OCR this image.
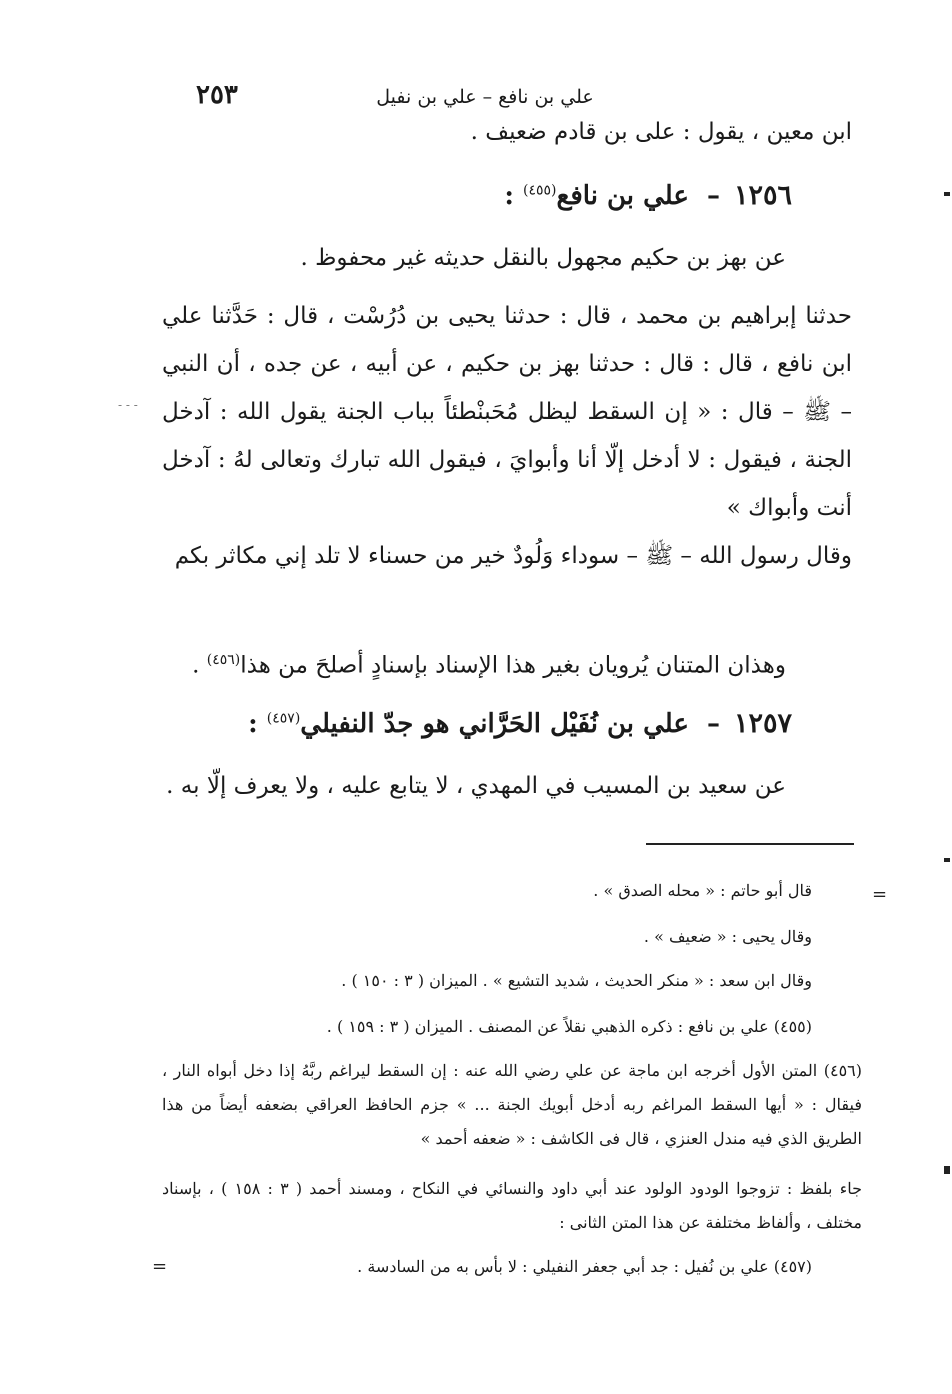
٢٥٣	علي بن نافع – علي بن نفيل
ابن معين ، يقول : على بن قادم ضعيف .
١٢٥٦–  علي بن نافع$^{(٤٥٥)}$ :
عن بهز بن حكيم مجهول بالنقل حديثه غير محفوظ .
حدثنا إبراهيم بن محمد ، قال : حدثنا يحيى بن دُرُسْت ، قال : حَدَّثنا علي ابن نافع ، قال : قال : حدثنا بهز بن حكيم ، عن أبيه ، عن جده ، أن النبي – ﷺ – قال : « إن السقط ليظل مُحَبنْطئاً بباب الجنة يقول الله : آدخل الجنة ، فيقول : لا أدخل إلّا أنا وأبوايَ ، فيقول الله تبارك وتعالى لهُ : آدخل أنت وأبواك »
وقال رسول الله – ﷺ – سوداء وَلُودٌ خير من حسناء لا تلد إني مكاثر بكم
وهذان المتنان يُرويان بغير هذا الإسناد بإسنادٍ أصلحَ من هذا$^{(٤٥٦)}$ .
١٢٥٧–  علي بن نُفَيْل الحَرَّاني هو جدّ النفيلي$^{(٤٥٧)}$ :
عن سعيد بن المسيب في المهدي ، لا يتابع عليه ، ولا يعرف إلّا به .
قال أبو حاتم : « محله الصدق » .
وقال يحيى : « ضعيف » .
وقال ابن سعد : « منكر الحديث ، شديد التشيع » . الميزان ( ٣ : ١٥٠ ) .
(٤٥٥) علي بن نافع : ذكره الذهبي نقلاً عن المصنف . الميزان ( ٣ : ١٥٩ ) .
(٤٥٦) المتن الأول أخرجه ابن ماجة عن علي رضي الله عنه : إن السقط ليراغم ربَّهُ إذا دخل أبواه النار ، فيقال : « أيها السقط المراغم ربه أدخل أبويك الجنة ... » جزم الحافظ العراقي بضعفه أيضاً من هذا الطريق الذي فيه مندل العنزي ، قال فى الكاشف : « ضعفه أحمد »
جاء بلفظ : تزوجوا الودود الولود عند أبي داود والنسائي في النكاح ، ومسند أحمد ( ٣ : ١٥٨ ) ، بإسناد مختلف ، وألفاظ مختلفة عن هذا المتن الثانى :
(٤٥٧) علي بن نُفيل : جد أبي جعفر النفيلي : لا بأس به من السادسة .
=
=
- - -
